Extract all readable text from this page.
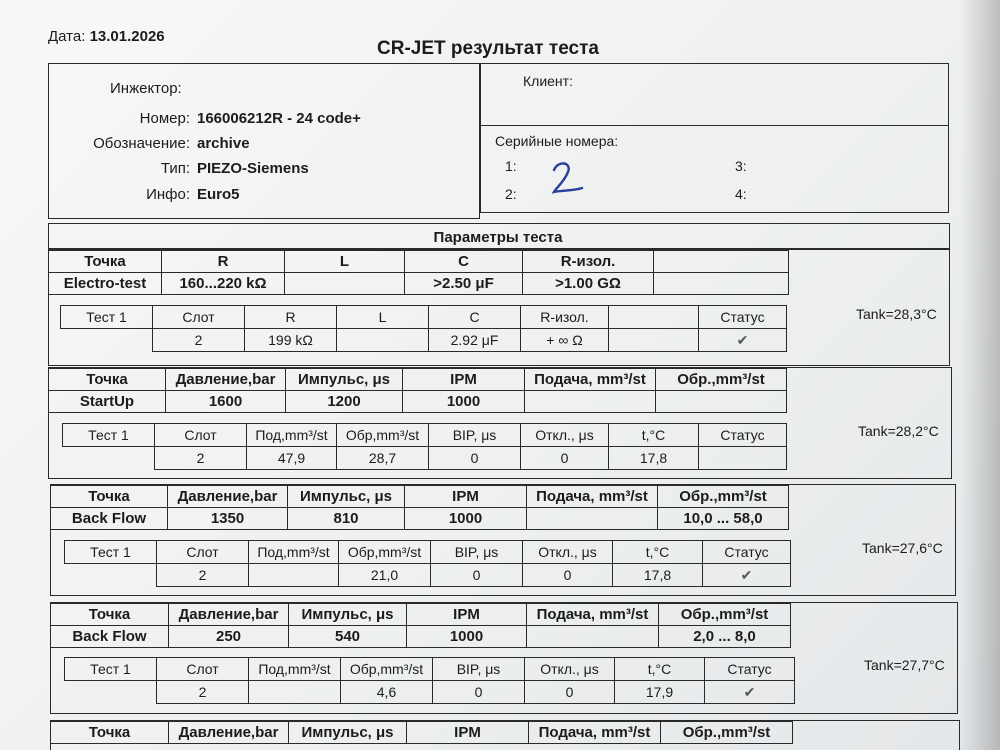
Дата: 13.01.2026
CR-JET результат теста
Инжектор:
Номер: 166006212R - 24 code+
Обозначение: archive
Тип: PIEZO-Siemens
Инфо: Euro5
Клиент:
Серийные номера:
1:
2:
3:
4:
Параметры теста
Точка	R	L	C	R-изол.	
Electro-test	160...220 kΩ		>2.50 μF	>1.00 GΩ	
Тест 1	Слот	R	L	C	R-изол.		Статус
	2	199 kΩ		2.92 μF	+ ∞ Ω		✔
Tank=28,3°C
Точка	Давление,bar	Импульс, μs	IPM	Подача, mm³/st	Обр.,mm³/st
StartUp	1600	1200	1000		
Тест 1	Слот	Под,mm³/st	Обр,mm³/st	BIP, μs	Откл., μs	t,°C	Статус
	2	47,9	28,7	0	0	17,8	
Tank=28,2°C
Точка	Давление,bar	Импульс, μs	IPM	Подача, mm³/st	Обр.,mm³/st
Back Flow	1350	810	1000		10,0 ... 58,0
Тест 1	Слот	Под,mm³/st	Обр,mm³/st	BIP, μs	Откл., μs	t,°C	Статус
	2		21,0	0	0	17,8	✔
Tank=27,6°C
Точка	Давление,bar	Импульс, μs	IPM	Подача, mm³/st	Обр.,mm³/st
Back Flow	250	540	1000		2,0 ... 8,0
Тест 1	Слот	Под,mm³/st	Обр,mm³/st	BIP, μs	Откл., μs	t,°C	Статус
	2		4,6	0	0	17,9	✔
Tank=27,7°C
Точка	Давление,bar	Импульс, μs	IPM	Подача, mm³/st	Обр.,mm³/st
